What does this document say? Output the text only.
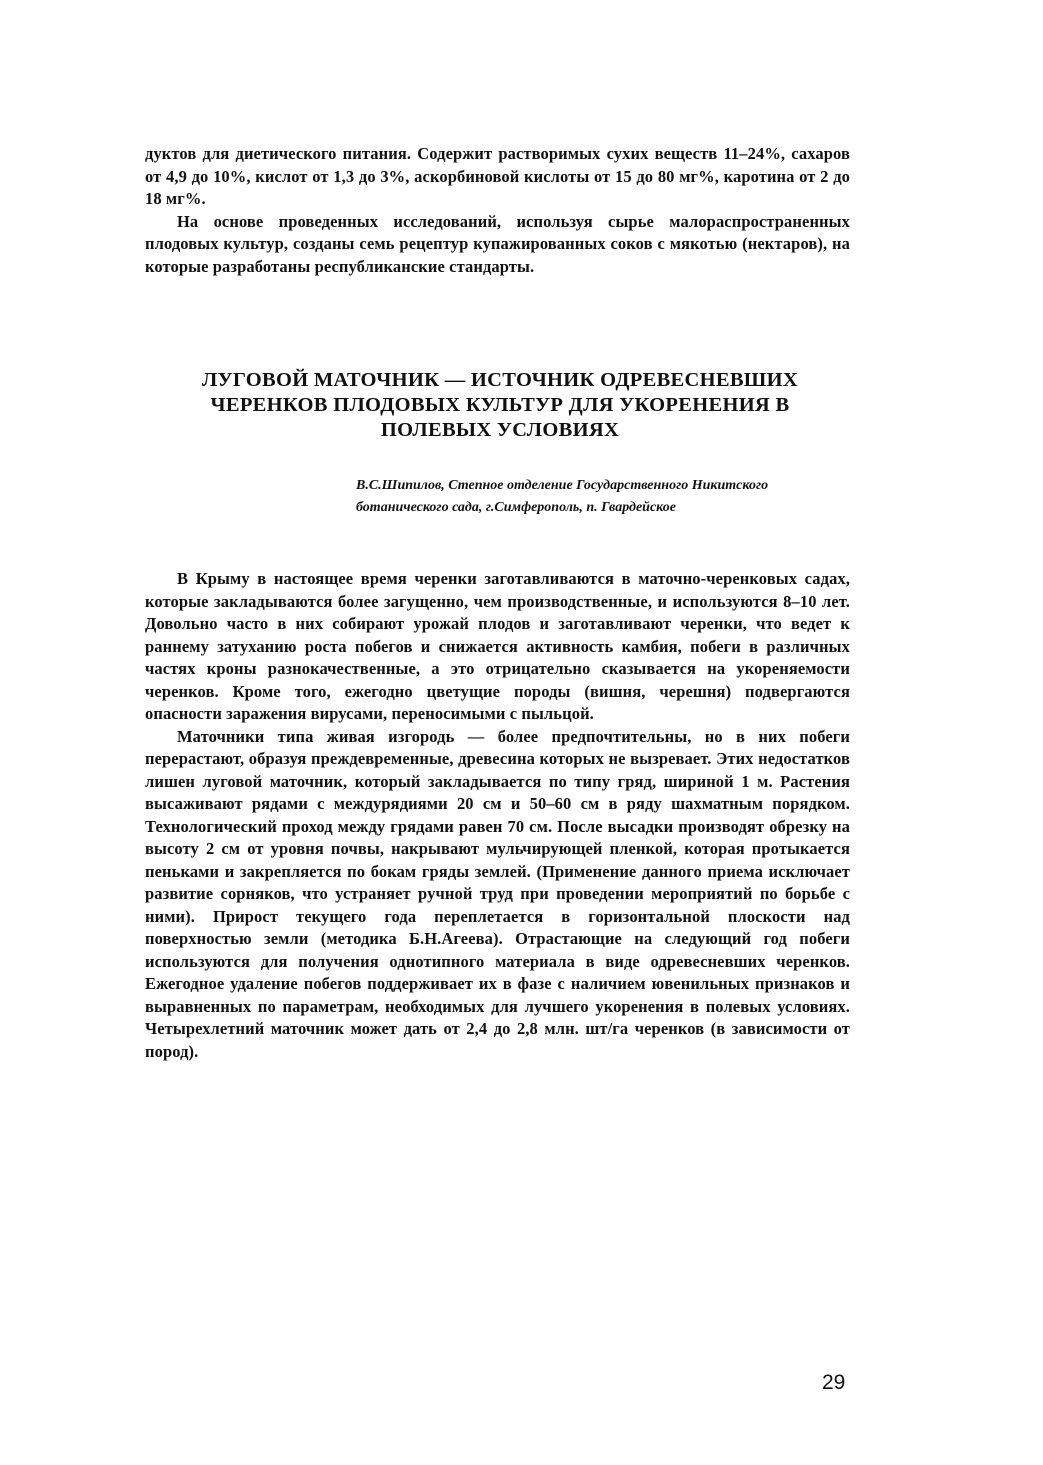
дуктов для диетического питания. Содержит растворимых сухих веществ 11–24%, сахаров от 4,9 до 10%, кислот от 1,3 до 3%, аскорбиновой кислоты от 15 до 80 мг%, каротина от 2 до 18 мг%.

На основе проведенных исследований, используя сырье малораспространенных плодовых культур, созданы семь рецептур купажированных соков с мякотью (нектаров), на которые разработаны республиканские стандарты.

ЛУГОВОЙ МАТОЧНИК — ИСТОЧНИК ОДРЕВЕСНЕВШИХ
ЧЕРЕНКОВ ПЛОДОВЫХ КУЛЬТУР ДЛЯ УКОРЕНЕНИЯ В
ПОЛЕВЫХ УСЛОВИЯХ
В.С.Шипилов, Степное отделение Государственного Никитского ботанического сада, г.Симферополь, п. Гвардейское

В Крыму в настоящее время черенки заготавливаются в маточно-черенковых садах, которые закладываются более загущенно, чем производственные, и используются 8–10 лет. Довольно часто в них собирают урожай плодов и заготавливают черенки, что ведет к раннему затуханию роста побегов и снижается активность камбия, побеги в различных частях кроны разнокачественные, а это отрицательно сказывается на укореняемости черенков. Кроме того, ежегодно цветущие породы (вишня, черешня) подвергаются опасности заражения вирусами, переносимыми с пыльцой.

Маточники типа живая изгородь — более предпочтительны, но в них побеги перерастают, образуя преждевременные, древесина которых не вызревает. Этих недостатков лишен луговой маточник, который закладывается по типу гряд, шириной 1 м. Растения высаживают рядами с междурядиями 20 см и 50–60 см в ряду шахматным порядком. Технологический проход между грядами равен 70 см. После высадки производят обрезку на высоту 2 см от уровня почвы, накрывают мульчирующей пленкой, которая протыкается пеньками и закрепляется по бокам гряды землей. (Применение данного приема исключает развитие сорняков, что устраняет ручной труд при проведении мероприятий по борьбе с ними). Прирост текущего года переплетается в горизонтальной плоскости над поверхностью земли (методика Б.Н.Агеева). Отрастающие на следующий год побеги используются для получения однотипного материала в виде одревесневших черенков. Ежегодное удаление побегов поддерживает их в фазе с наличием ювенильных признаков и выравненных по параметрам, необходимых для лучшего укоренения в полевых условиях. Четырехлетний маточник может дать от 2,4 до 2,8 млн. шт/га черенков (в зависимости от пород).

29
